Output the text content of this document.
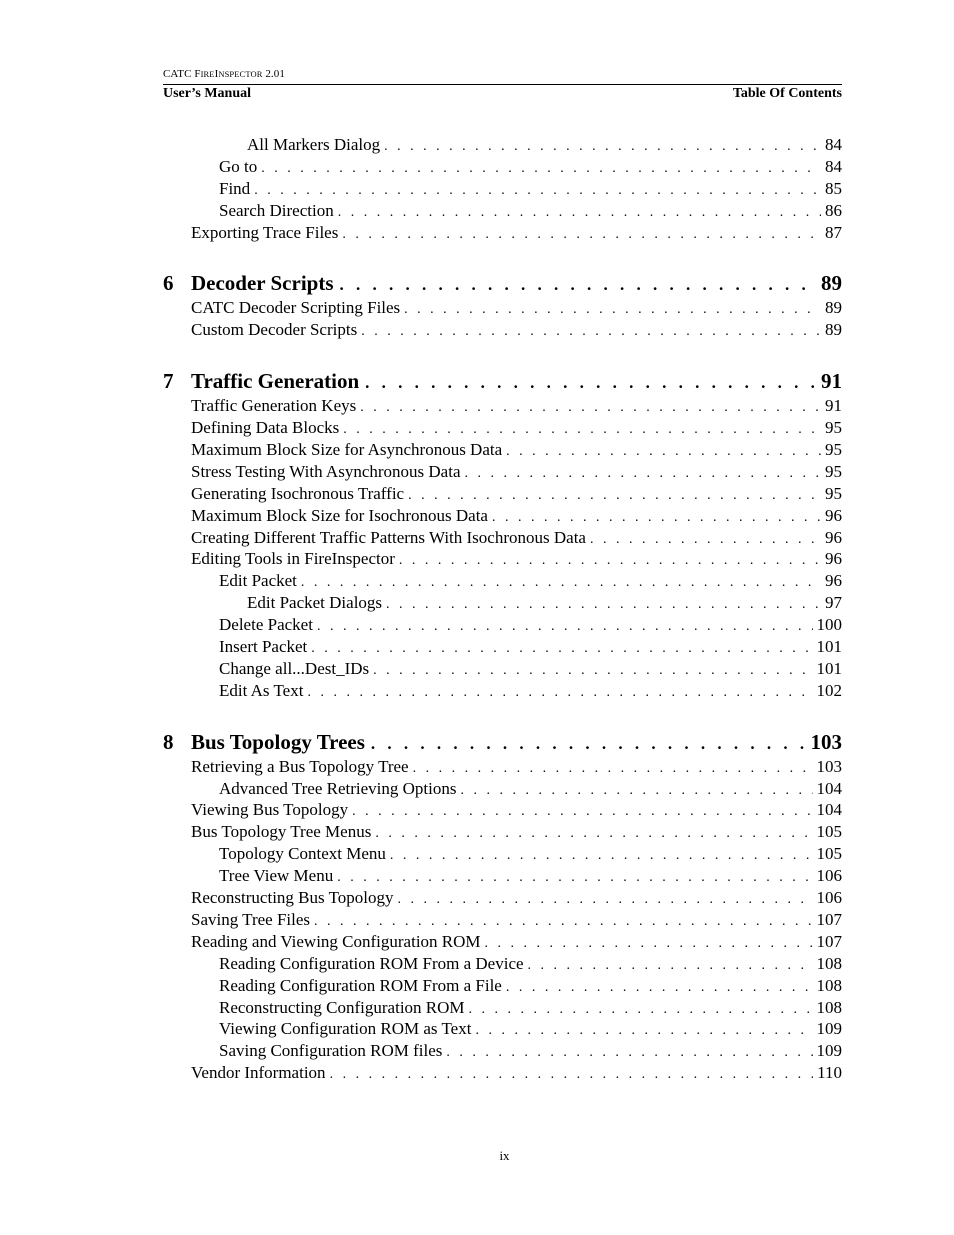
CATC FIREINSPECTOR 2.01
User’s Manual	Table Of Contents
All Markers Dialog . . .	84
Go to . . .	84
Find . . .	85
Search Direction . . .	86
Exporting Trace Files . . .	87
6 Decoder Scripts . . .	89
CATC Decoder Scripting Files . . .	89
Custom Decoder Scripts . . .	89
7 Traffic Generation . . .	91
Traffic Generation Keys . . .	91
Defining Data Blocks . . .	95
Maximum Block Size for Asynchronous Data . . .	95
Stress Testing With Asynchronous Data . . .	95
Generating Isochronous Traffic . . .	95
Maximum Block Size for Isochronous Data . . .	96
Creating Different Traffic Patterns With Isochronous Data . . .	96
Editing Tools in FireInspector . . .	96
Edit Packet . . .	96
Edit Packet Dialogs . . .	97
Delete Packet . . .	100
Insert Packet . . .	101
Change all...Dest_IDs . . .	101
Edit As Text . . .	102
8 Bus Topology Trees . . .	103
Retrieving a Bus Topology Tree . . .	103
Advanced Tree Retrieving Options . . .	104
Viewing Bus Topology . . .	104
Bus Topology Tree Menus . . .	105
Topology Context Menu . . .	105
Tree View Menu . . .	106
Reconstructing Bus Topology . . .	106
Saving Tree Files . . .	107
Reading and Viewing Configuration ROM . . .	107
Reading Configuration ROM From a Device . . .	108
Reading Configuration ROM From a File . . .	108
Reconstructing Configuration ROM . . .	108
Viewing Configuration ROM as Text . . .	109
Saving Configuration ROM files . . .	109
Vendor Information . . .	110
ix
